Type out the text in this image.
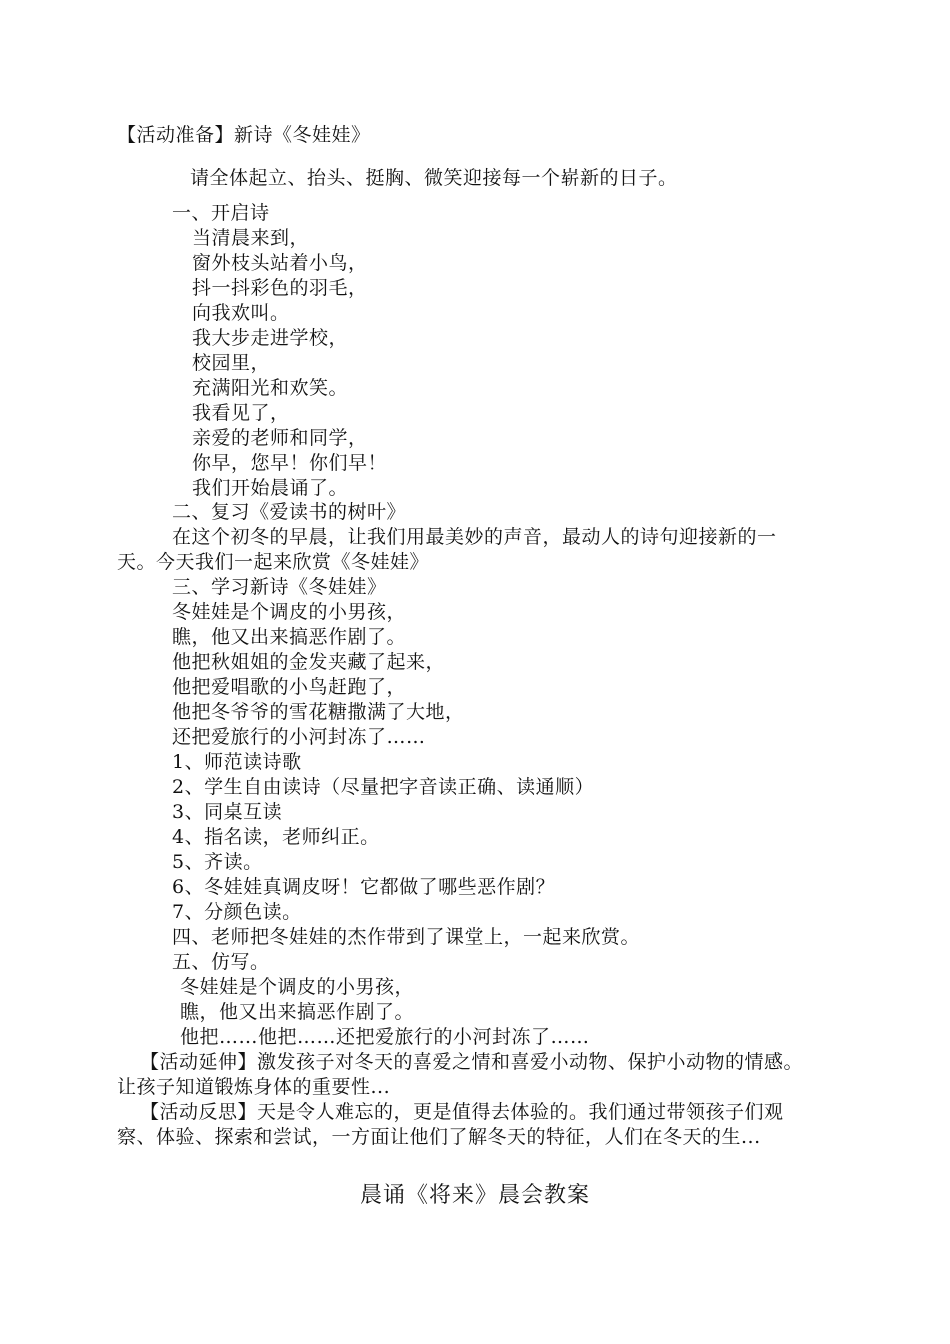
【活动准备】新诗《冬娃娃》
请全体起立、抬头、挺胸、微笑迎接每一个崭新的日子。
一、开启诗
当清晨来到，
窗外枝头站着小鸟，
抖一抖彩色的羽毛，
向我欢叫。
我大步走进学校，
校园里，
充满阳光和欢笑。
我看见了，
亲爱的老师和同学，
你早，您早！你们早！
我们开始晨诵了。
二、复习《爱读书的树叶》
在这个初冬的早晨，让我们用最美妙的声音，最动人的诗句迎接新的一
天。今天我们一起来欣赏《冬娃娃》
三、学习新诗《冬娃娃》
冬娃娃是个调皮的小男孩，
瞧，他又出来搞恶作剧了。
他把秋姐姐的金发夹藏了起来，
他把爱唱歌的小鸟赶跑了，
他把冬爷爷的雪花糖撒满了大地，
还把爱旅行的小河封冻了……
1、师范读诗歌
2、学生自由读诗（尽量把字音读正确、读通顺）
3、同桌互读
4、指名读，老师纠正。
5、齐读。
6、冬娃娃真调皮呀！它都做了哪些恶作剧？
7、分颜色读。
四、老师把冬娃娃的杰作带到了课堂上，一起来欣赏。
五、仿写。
冬娃娃是个调皮的小男孩，
瞧，他又出来搞恶作剧了。
他把……他把……还把爱旅行的小河封冻了……
【活动延伸】激发孩子对冬天的喜爱之情和喜爱小动物、保护小动物的情感。
让孩子知道锻炼身体的重要性...
【活动反思】天是令人难忘的，更是值得去体验的。我们通过带领孩子们观
察、体验、探索和尝试，一方面让他们了解冬天的特征，人们在冬天的生...
晨诵《将来》晨会教案
